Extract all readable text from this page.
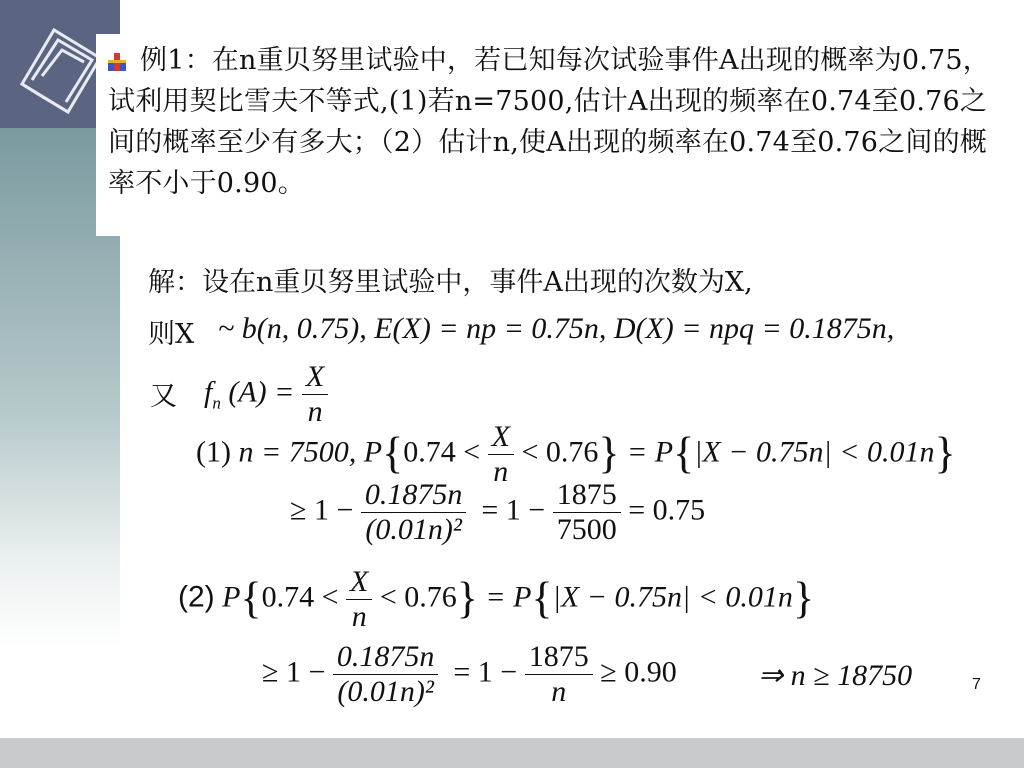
例1：在n重贝努里试验中，若已知每次试验事件A出现的概率为0.75，试利用契比雪夫不等式,(1)若n=7500,估计A出现的频率在0.74至0.76之间的概率至少有多大；（2）估计n,使A出现的频率在0.74至0.76之间的概率不小于0.90。
解：设在n重贝努里试验中，事件A出现的次数为X,
则X ~ b(n, 0.75), E(X) = np = 0.75n, D(X) = npq = 0.1875n,
又 $f_n$ $(A) = \frac{X}{n}$
(1) n = 7500, $P\{0.74 < \frac{X}{n} < 0.76\} = P\{|X - 0.75n| < 0.01n\}$
≥ $1 - \frac{0.1875n}{\text{(0.01n)²}} = 1 - \frac{1875}{7500} = 0.75$
(2) $P\{0.74 < \frac{X}{n} < 0.76\} = P\{|X - 0.75n| < 0.01n\}$
≥ $1 - \frac{0.1875n}{\text{(0.01n)²}} = 1 - \frac{1875}{n} \ge 0.90$	⇒ n ≥ 18750	7
